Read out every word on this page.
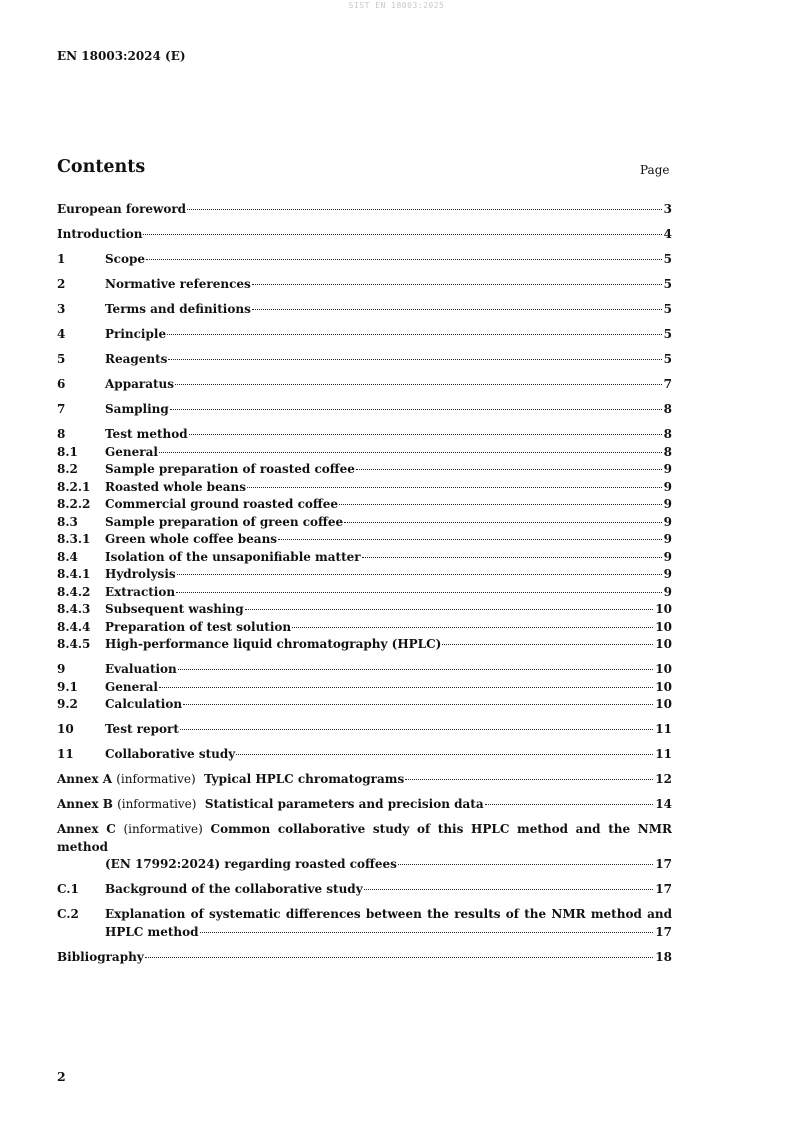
SIST EN 18003:2025
EN 18003:2024 (E)
Contents	Page
European foreword	3
Introduction	4
1	Scope	5
2	Normative references	5
3	Terms and definitions	5
4	Principle	5
5	Reagents	5
6	Apparatus	7
7	Sampling	8
8	Test method	8
8.1	General	8
8.2	Sample preparation of roasted coffee	9
8.2.1	Roasted whole beans	9
8.2.2	Commercial ground roasted coffee	9
8.3	Sample preparation of green coffee	9
8.3.1	Green whole coffee beans	9
8.4	Isolation of the unsaponifiable matter	9
8.4.1	Hydrolysis	9
8.4.2	Extraction	9
8.4.3	Subsequent washing	10
8.4.4	Preparation of test solution	10
8.4.5	High-performance liquid chromatography (HPLC)	10
9	Evaluation	10
9.1	General	10
9.2	Calculation	10
10	Test report	11
11	Collaborative study	11
Annex A (informative) Typical HPLC chromatograms	12
Annex B (informative) Statistical parameters and precision data	14
Annex C (informative) Common collaborative study of this HPLC method and the NMR method
(EN 17992:2024) regarding roasted coffees	17
C.1	Background of the collaborative study	17
C.2	Explanation of systematic differences between the results of the NMR method and
HPLC method	17
Bibliography	18
2
